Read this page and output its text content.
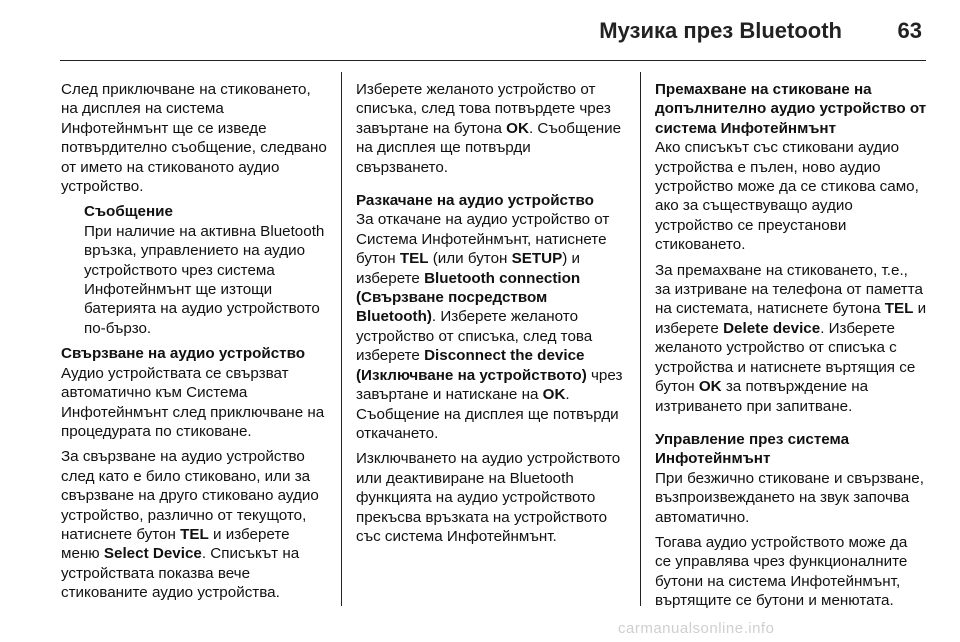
Музика през Bluetooth	63

След приключване на стиковането, на дисплея на система Инфотейнмънт ще се изведе потвърдително съобщение, следвано от името на стикованото аудио устройство.

Съобщение

При наличие на активна Bluetooth връзка, управлението на аудио устройството чрез система Инфотейнмънт ще изтощи батерията на аудио устройството по-бързо.

Свързване на аудио устройство

Аудио устройствата се свързват автоматично към Система Инфотейнмънт след приключване на процедурата по стиковане.

За свързване на аудио устройство след като е било стиковано, или за свързване на друго стиковано аудио устройство, различно от текущото, натиснете бутон TEL и изберете меню Select Device. Списъкът на устройствата показва вече стикованите аудио устройства.

Изберете желаното устройство от списъка, след това потвърдете чрез завъртане на бутона OK. Съобщение на дисплея ще потвърди свързването.

Разкачане на аудио устройство

За откачане на аудио устройство от Система Инфотейнмънт, натиснете бутон TEL (или бутон SETUP) и изберете Bluetooth connection (Свързване посредством Bluetooth). Изберете желаното устройство от списъка, след това изберете Disconnect the device (Изключване на устройството) чрез завъртане и натискане на OK. Съобщение на дисплея ще потвърди откачането.

Изключването на аудио устройството или деактивиране на Bluetooth функцията на аудио устройството прекъсва връзката на устройството със система Инфотейнмънт.

Премахване на стиковане на допълнително аудио устройство от система Инфотейнмънт

Ако списъкът със стиковани аудио устройства е пълен, ново аудио устройство може да се стикова само, ако за съществуващо аудио устройство се преустанови стиковането.

За премахване на стиковането, т.е., за изтриване на телефона от паметта на системата, натиснете бутона TEL и изберете Delete device. Изберете желаното устройство от списъка с устройства и натиснете въртящия се бутон OK за потвърждение на изтриването при запитване.

Управление през система Инфотейнмънт

При безжично стиковане и свързване, възпроизвеждането на звук започва автоматично.

Тогава аудио устройството може да се управлява чрез функционалните бутони на система Инфотейнмънт, въртящите се бутони и менютата.

carmanualsonline.info
